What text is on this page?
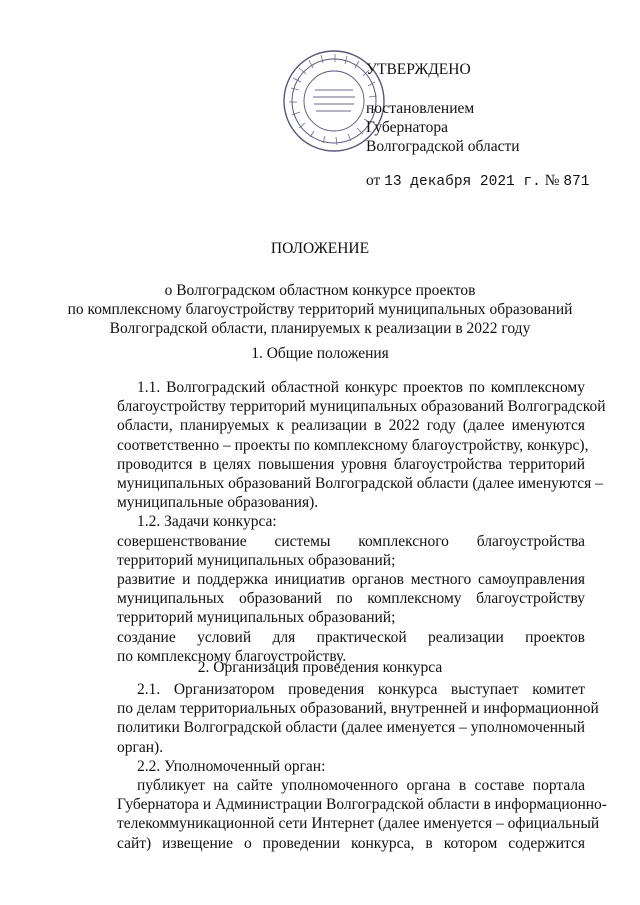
УТВЕРЖДЕНО
постановлением
Губернатора
Волгоградской области
от 13 декабря 2021 г. № 871
ПОЛОЖЕНИЕ
о Волгоградском областном конкурсе проектов
по комплексному благоустройству территорий муниципальных образований
Волгоградской области, планируемых к реализации в 2022 году
1. Общие положения
1.1. Волгоградский областной конкурс проектов по комплексному
благоустройству территорий муниципальных образований Волгоградской
области, планируемых к реализации в 2022 году (далее именуются
соответственно – проекты по комплексному благоустройству, конкурс),
проводится в целях повышения уровня благоустройства территорий
муниципальных образований Волгоградской области (далее именуются –
муниципальные образования).
1.2. Задачи конкурса:
совершенствование системы комплексного благоустройства
территорий муниципальных образований;
развитие и поддержка инициатив органов местного самоуправления
муниципальных образований по комплексному благоустройству
территорий муниципальных образований;
создание условий для практической реализации проектов
по комплексному благоустройству.
2. Организация проведения конкурса
2.1. Организатором проведения конкурса выступает комитет
по делам территориальных образований, внутренней и информационной
политики Волгоградской области (далее именуется – уполномоченный
орган).
2.2. Уполномоченный орган:
публикует на сайте уполномоченного органа в составе портала
Губернатора и Администрации Волгоградской области в информационно-
телекоммуникационной сети Интернет (далее именуется – официальный
сайт) извещение о проведении конкурса, в котором содержится
